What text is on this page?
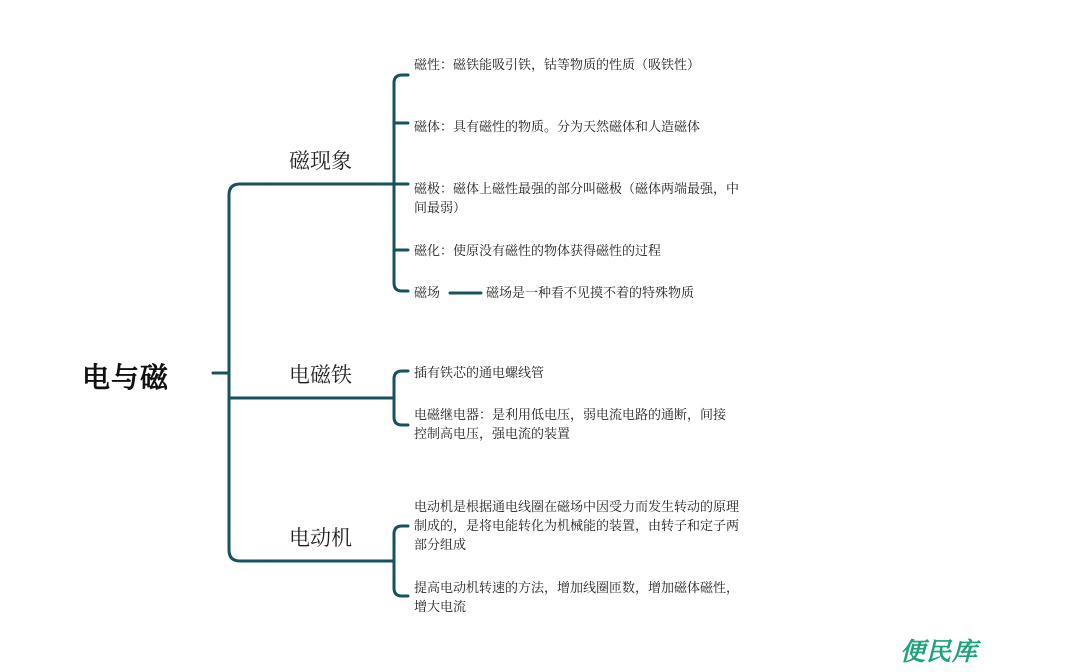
电与磁
磁现象
电磁铁
电动机
磁性：磁铁能吸引铁，钴等物质的性质（吸铁性）
磁体：具有磁性的物质。分为天然磁体和人造磁体
磁极：磁体上磁性最强的部分叫磁极（磁体两端最强，中间最弱）
磁化：使原没有磁性的物体获得磁性的过程
磁场	磁场是一种看不见摸不着的特殊物质
插有铁芯的通电螺线管
电磁继电器：是利用低电压，弱电流电路的通断，间接控制高电压，强电流的装置
电动机是根据通电线圈在磁场中因受力而发生转动的原理制成的，是将电能转化为机械能的装置，由转子和定子两部分组成
提高电动机转速的方法，增加线圈匝数，增加磁体磁性，增大电流
便民库
